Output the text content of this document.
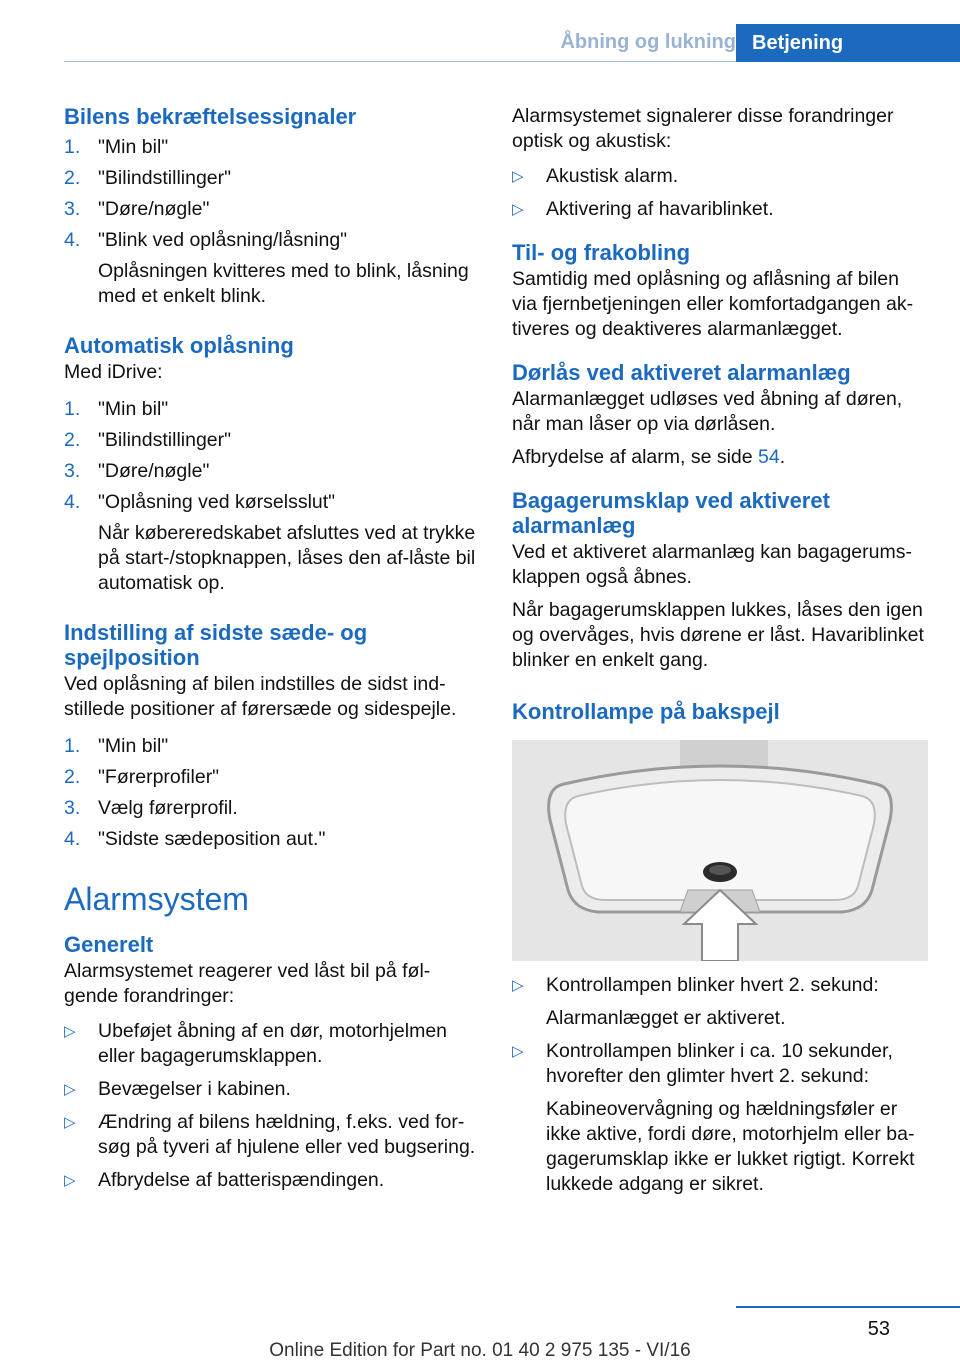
Åbning og lukning Betjening
Bilens bekræftelsessignaler
1. "Min bil"
2. "Bilindstillinger"
3. "Døre/nøgle"
4. "Blink ved oplåsning/låsning"

Oplåsningen kvitteres med to blink, låsning med et enkelt blink.

Automatisk oplåsning

Med iDrive:

1. "Min bil"
2. "Bilindstillinger"
3. "Døre/nøgle"
4. "Oplåsning ved kørselsslut"

Når købereredskabet afsluttes ved at trykke på start-/stopknappen, låses den af-låste bil automatisk op.

Indstilling af sidste sæde- og spejlposition

Ved oplåsning af bilen indstilles de sidst ind-stillede positioner af førersæde og sidespejle.

1. "Min bil"
2. "Førerprofiler"
3. Vælg førerprofil.
4. "Sidste sædeposition aut."
Alarmsystem
Generelt

Alarmsystemet reagerer ved låst bil på føl-gende forandringer:

▷ Ubeføjet åbning af en dør, motorhjelmen eller bagagerumsklappen.
▷ Bevægelser i kabinen.
▷ Ændring af bilens hældning, f.eks. ved for-søg på tyveri af hjulene eller ved bugsering.
▷ Afbrydelse af batterispændingen.

Alarmsystemet signalerer disse forandringer optisk og akustisk:

▷ Akustisk alarm.
▷ Aktivering af havariblinket.
Til- og frakobling

Samtidig med oplåsning og aflåsning af bilen via fjernbetjeningen eller komfortadgangen ak-tiveres og deaktiveres alarmanlægget.

Dørlås ved aktiveret alarmanlæg

Alarmanlægget udløses ved åbning af døren, når man låser op via dørlåsen.

Afbrydelse af alarm, se side 54.

Bagagerumsklap ved aktiveret alarmanlæg

Ved et aktiveret alarmanlæg kan bagagerums-klappen også åbnes.

Når bagagerumsklappen lukkes, låses den igen og overvåges, hvis dørene er låst. Havariblinket blinker en enkelt gang.

Kontrollampe på bakspejl
▷ Kontrollampen blinker hvert 2. sekund:
Alarmanlægget er aktiveret.
▷ Kontrollampen blinker i ca. 10 sekunder, hvorefter den glimter hvert 2. sekund:
Kabineovervågning og hældningsføler er ikke aktive, fordi døre, motorhjelm eller ba-gagerumsklap ikke er lukket rigtigt. Korrekt lukkede adgang er sikret.
53
Online Edition for Part no. 01 40 2 975 135 - VI/16
